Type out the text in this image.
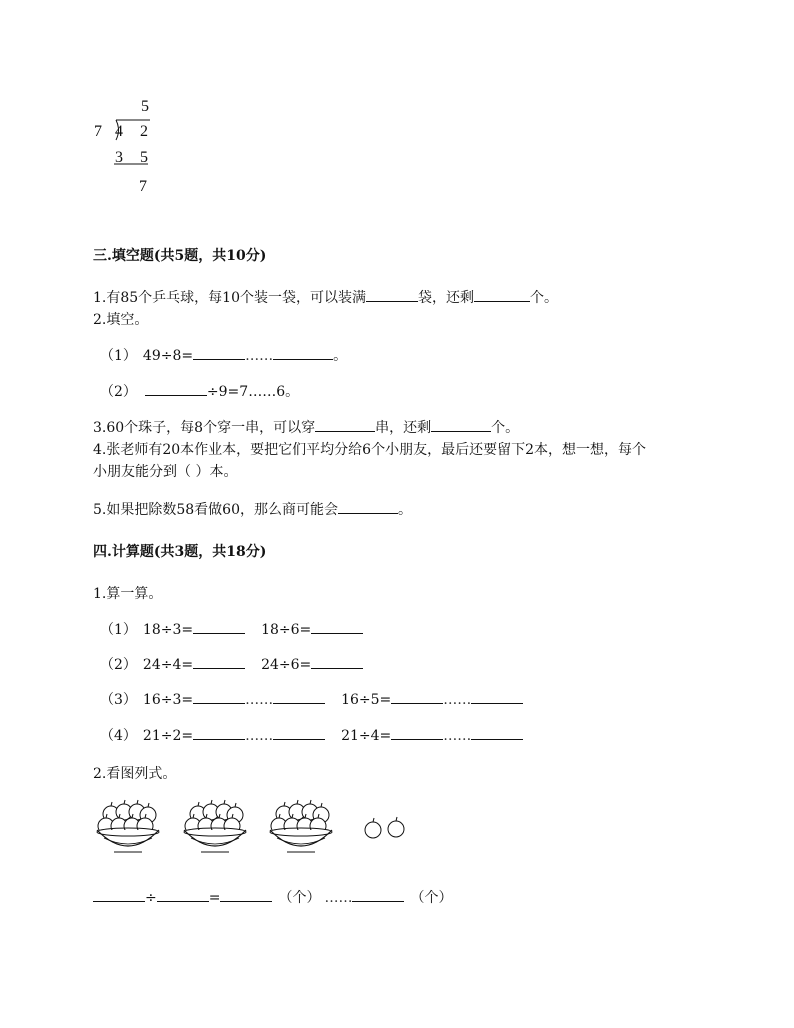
5
7 4 2
3 5
7
三.填空题(共5题，共10分)
1.有85个乒乓球，每10个装一袋，可以装满	袋，还剩	个。
2.填空。
（1） 49÷8=	……	。
（2）	÷9=7……6。
3.60个珠子，每8个穿一串，可以穿	串，还剩	个。
4.张老师有20本作业本，要把它们平均分给6个小朋友，最后还要留下2本，想一想，每个
小朋友能分到（ ）本。
5.如果把除数58看做60，那么商可能会	。
四.计算题(共3题，共18分)
1.算一算。
（1） 18÷3=	18÷6=
（2） 24÷4=	24÷6=
（3） 16÷3=	……	16÷5=	……
（4） 21÷2=	……	21÷4=	……
2.看图列式。
÷	=	（个） ……	（个）
